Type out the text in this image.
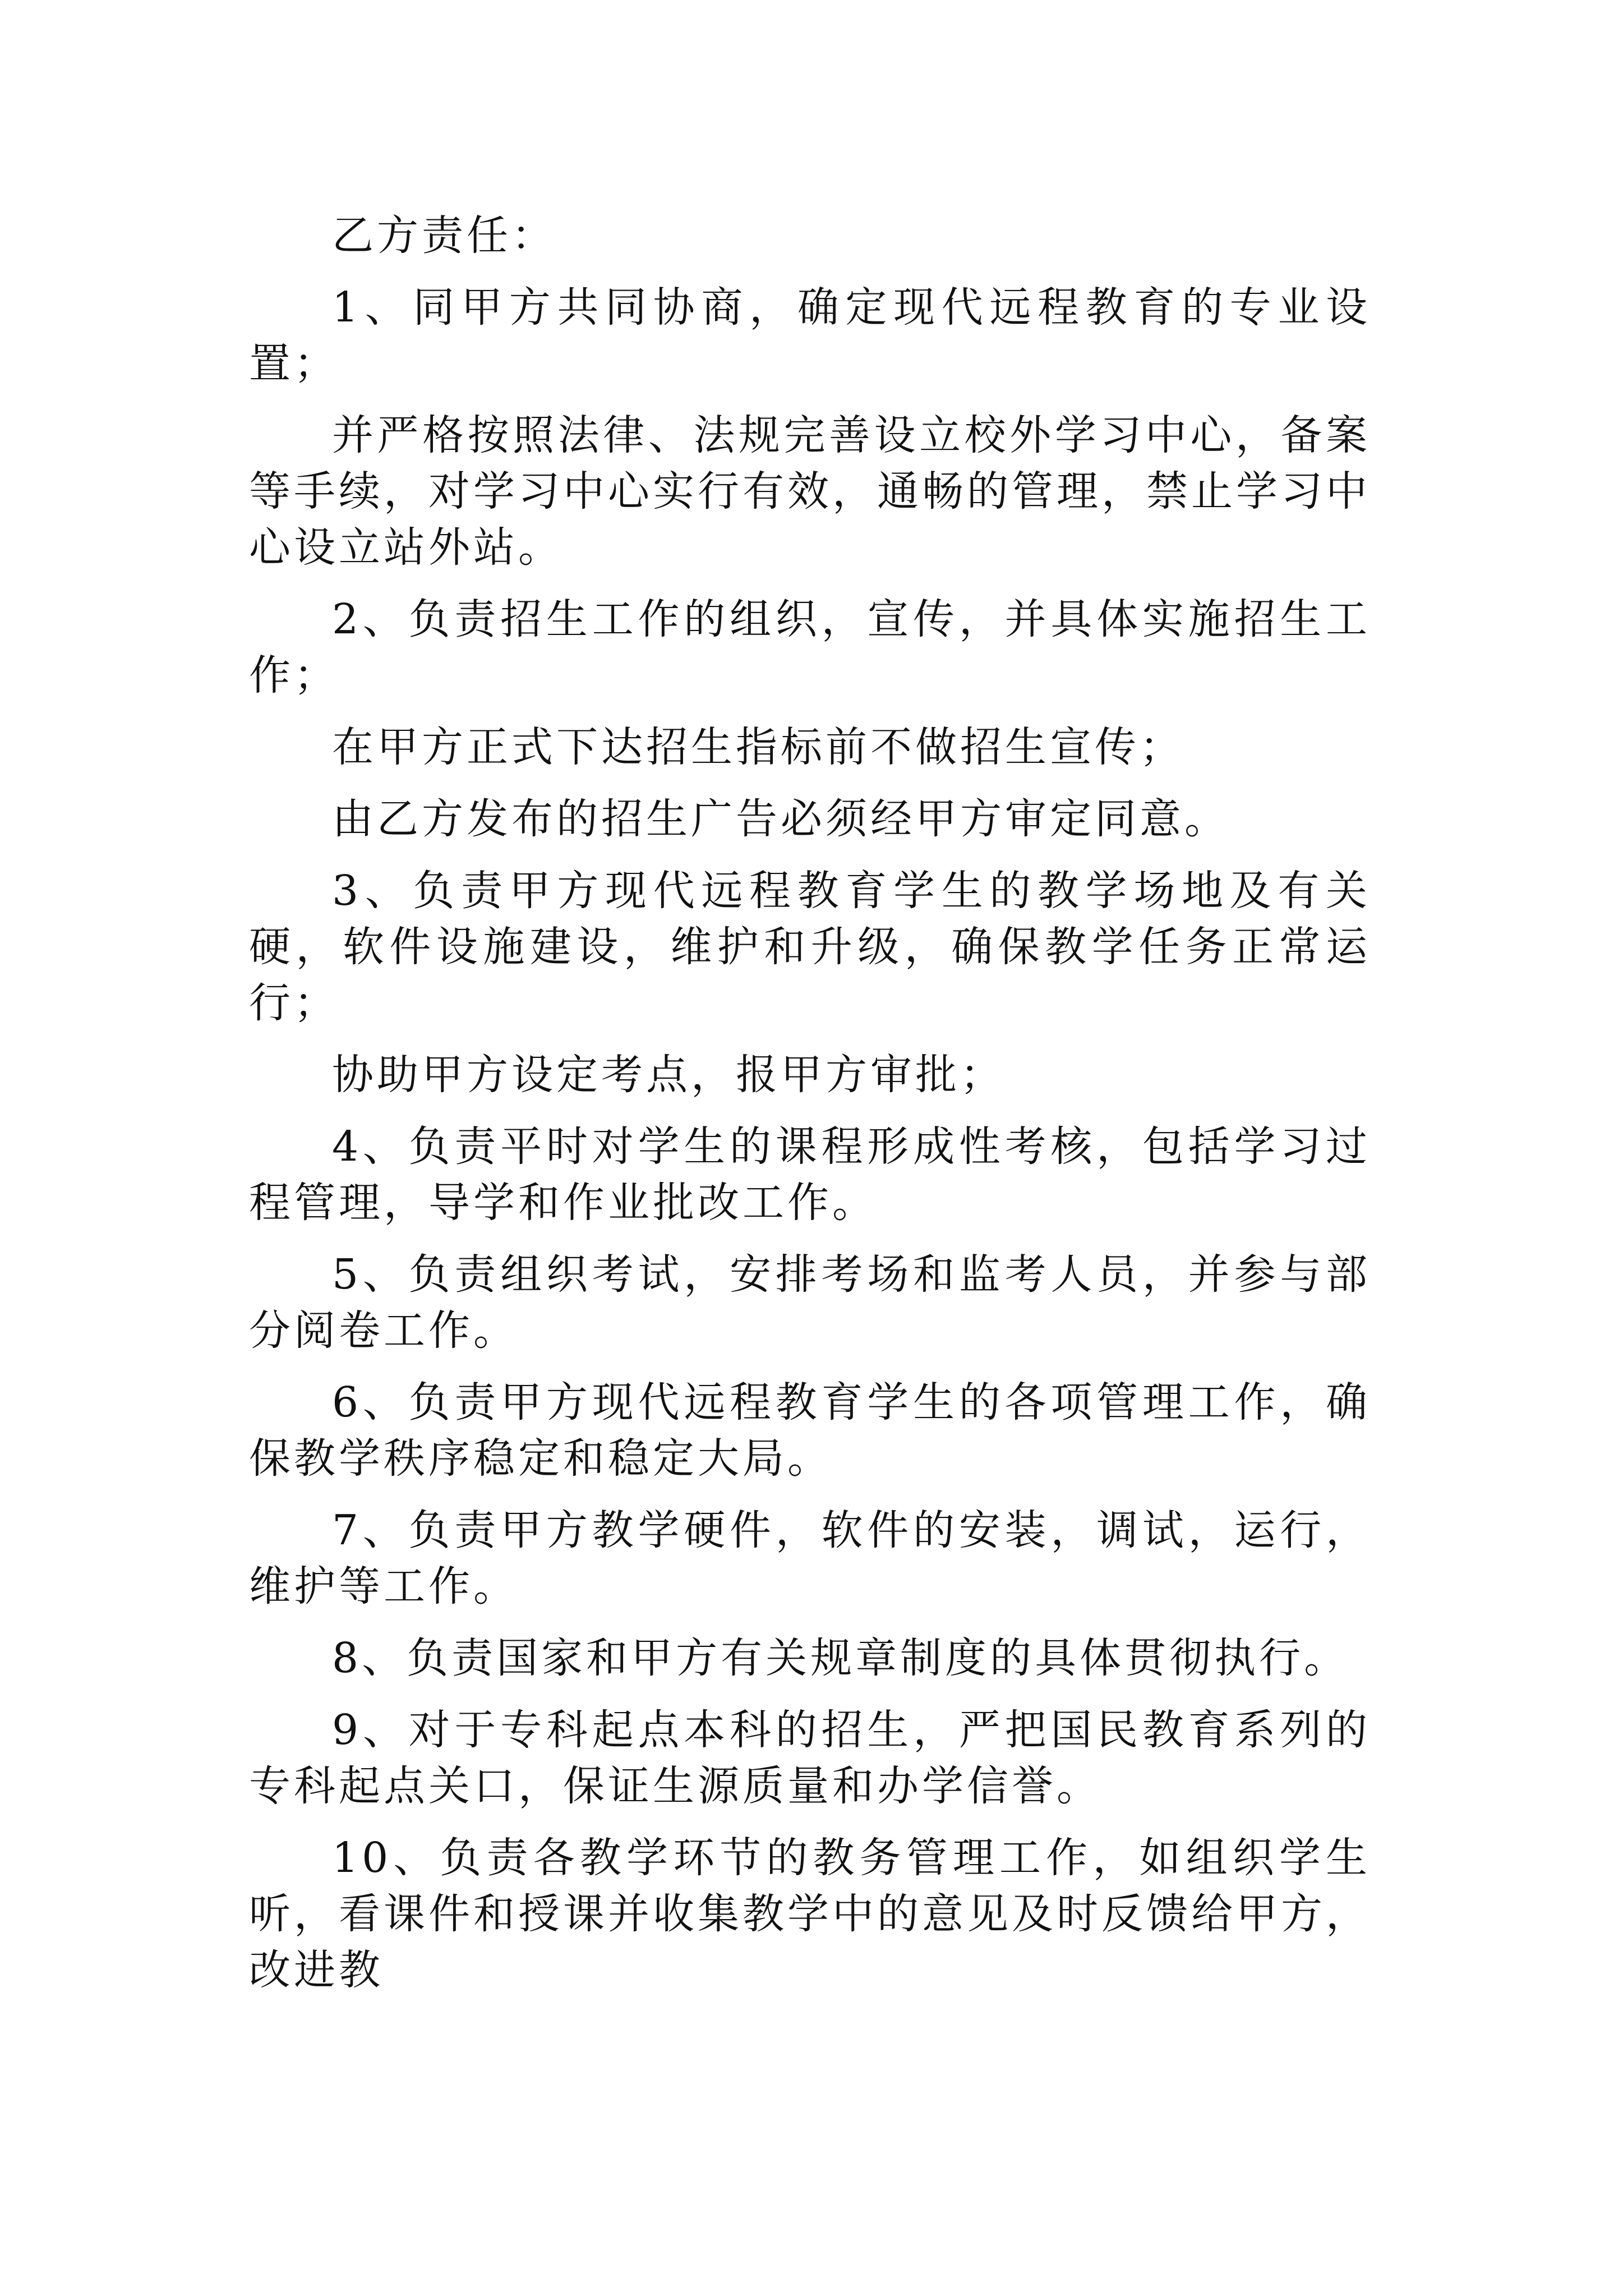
乙方责任：

1、同甲方共同协商，确定现代远程教育的专业设置；

并严格按照法律、法规完善设立校外学习中心，备案等手续，对学习中心实行有效，通畅的管理，禁止学习中心设立站外站。

2、负责招生工作的组织，宣传，并具体实施招生工作；

在甲方正式下达招生指标前不做招生宣传；

由乙方发布的招生广告必须经甲方审定同意。

3、负责甲方现代远程教育学生的教学场地及有关硬，软件设施建设，维护和升级，确保教学任务正常运行；

协助甲方设定考点，报甲方审批；

4、负责平时对学生的课程形成性考核，包括学习过程管理，导学和作业批改工作。

5、负责组织考试，安排考场和监考人员，并参与部分阅卷工作。

6、负责甲方现代远程教育学生的各项管理工作，确保教学秩序稳定和稳定大局。

7、负责甲方教学硬件，软件的安装，调试，运行，维护等工作。

8、负责国家和甲方有关规章制度的具体贯彻执行。

9、对于专科起点本科的招生，严把国民教育系列的专科起点关口，保证生源质量和办学信誉。

10、负责各教学环节的教务管理工作，如组织学生听，看课件和授课并收集教学中的意见及时反馈给甲方，改进教
